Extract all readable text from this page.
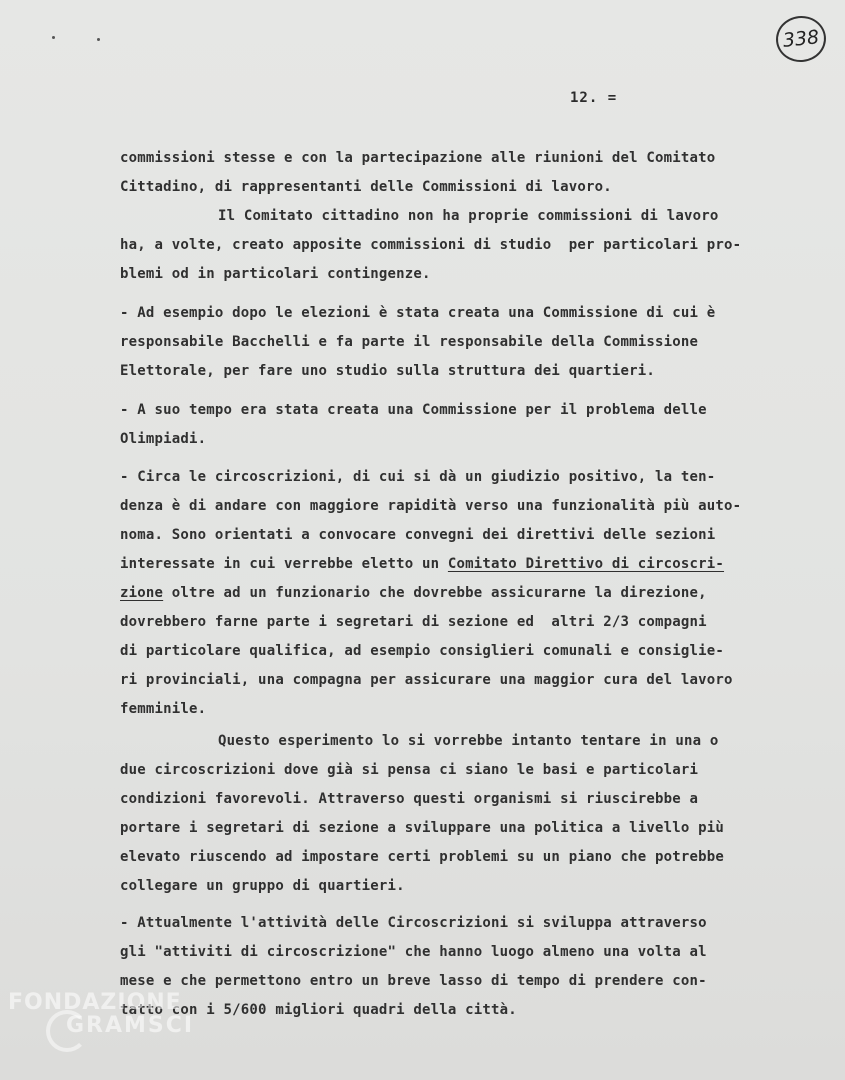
338
12. =
commissioni stesse e con la partecipazione alle riunioni del Comitato
Cittadino, di rappresentanti delle Commissioni di lavoro.
Il Comitato cittadino non ha proprie commissioni di lavoro
ha, a volte, creato apposite commissioni di studio  per particolari pro-
blemi od in particolari contingenze.
- Ad esempio dopo le elezioni è stata creata una Commissione di cui è
responsabile Bacchelli e fa parte il responsabile della Commissione
Elettorale, per fare uno studio sulla struttura dei quartieri.
- A suo tempo era stata creata una Commissione per il problema delle
Olimpiadi.
- Circa le circoscrizioni, di cui si dà un giudizio positivo, la ten-
denza è di andare con maggiore rapidità verso una funzionalità più auto-
noma. Sono orientati a convocare convegni dei direttivi delle sezioni
interessate in cui verrebbe eletto un Comitato Direttivo di circoscri-
zione oltre ad un funzionario che dovrebbe assicurarne la direzione,
dovrebbero farne parte i segretari di sezione ed  altri 2/3 compagni
di particolare qualifica, ad esempio consiglieri comunali e consiglie-
ri provinciali, una compagna per assicurare una maggior cura del lavoro
femminile.
Questo esperimento lo si vorrebbe intanto tentare in una o
due circoscrizioni dove già si pensa ci siano le basi e particolari
condizioni favorevoli. Attraverso questi organismi si riuscirebbe a
portare i segretari di sezione a sviluppare una politica a livello più
elevato riuscendo ad impostare certi problemi su un piano che potrebbe
collegare un gruppo di quartieri.
- Attualmente l'attività delle Circoscrizioni si sviluppa attraverso
gli "attiviti di circoscrizione" che hanno luogo almeno una volta al
mese e che permettono entro un breve lasso di tempo di prendere con-
tatto con i 5/600 migliori quadri della città.
FONDAZIONE
GRAMSCI
